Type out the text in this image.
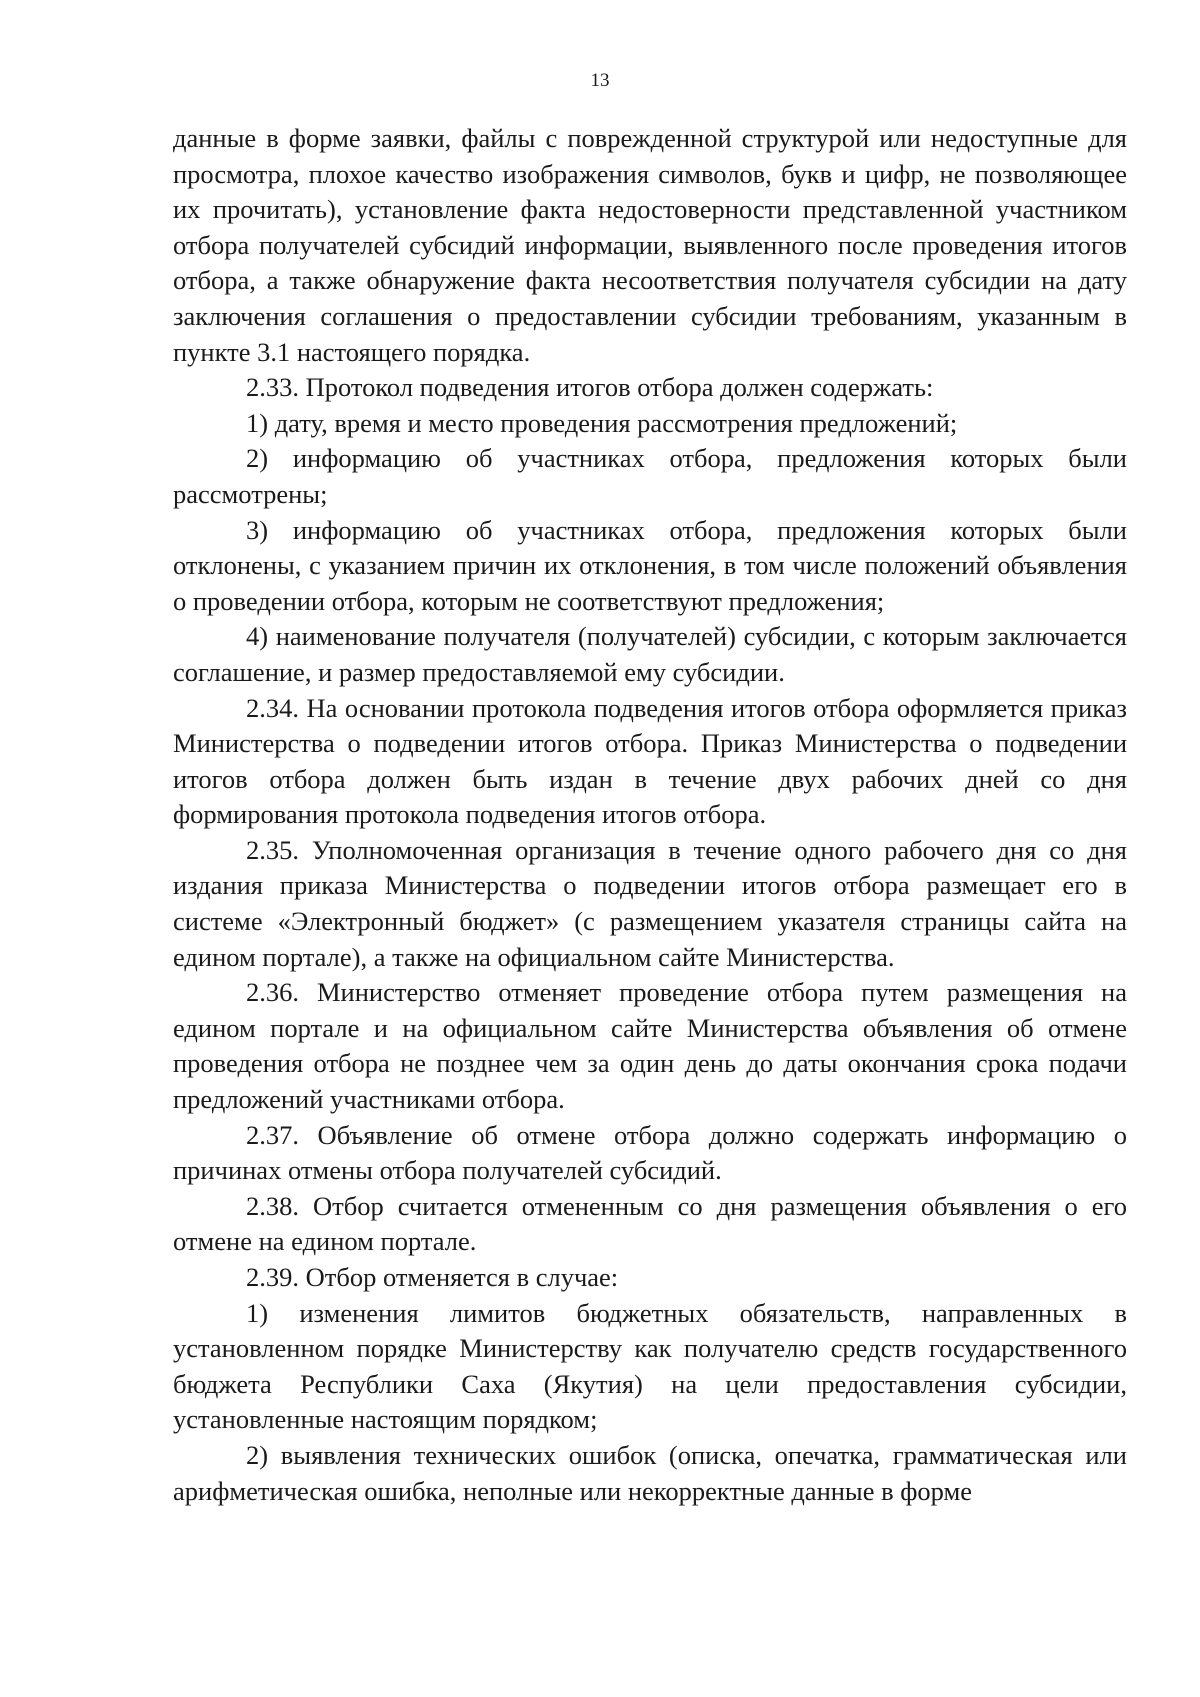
13

данные в форме заявки, файлы с поврежденной структурой или недоступные для просмотра, плохое качество изображения символов, букв и цифр, не позволяющее их прочитать), установление факта недостоверности представленной участником отбора получателей субсидий информации, выявленного после проведения итогов отбора, а также обнаружение факта несоответствия получателя субсидии на дату заключения соглашения о предоставлении субсидии требованиям, указанным в пункте 3.1 настоящего порядка.

2.33. Протокол подведения итогов отбора должен содержать:

1) дату, время и место проведения рассмотрения предложений;

2) информацию об участниках отбора, предложения которых были рассмотрены;

3) информацию об участниках отбора, предложения которых были отклонены, с указанием причин их отклонения, в том числе положений объявления о проведении отбора, которым не соответствуют предложения;

4) наименование получателя (получателей) субсидии, с которым заключается соглашение, и размер предоставляемой ему субсидии.

2.34. На основании протокола подведения итогов отбора оформляется приказ Министерства о подведении итогов отбора. Приказ Министерства о подведении итогов отбора должен быть издан в течение двух рабочих дней со дня формирования протокола подведения итогов отбора.

2.35. Уполномоченная организация в течение одного рабочего дня со дня издания приказа Министерства о подведении итогов отбора размещает его в системе «Электронный бюджет» (с размещением указателя страницы сайта на едином портале), а также на официальном сайте Министерства.

2.36. Министерство отменяет проведение отбора путем размещения на едином портале и на официальном сайте Министерства объявления об отмене проведения отбора не позднее чем за один день до даты окончания срока подачи предложений участниками отбора.

2.37. Объявление об отмене отбора должно содержать информацию о причинах отмены отбора получателей субсидий.

2.38. Отбор считается отмененным со дня размещения объявления о его отмене на едином портале.

2.39. Отбор отменяется в случае:

1) изменения лимитов бюджетных обязательств, направленных в установленном порядке Министерству как получателю средств государственного бюджета Республики Саха (Якутия) на цели предоставления субсидии, установленные настоящим порядком;

2) выявления технических ошибок (описка, опечатка, грамматическая или арифметическая ошибка, неполные или некорректные данные в форме
